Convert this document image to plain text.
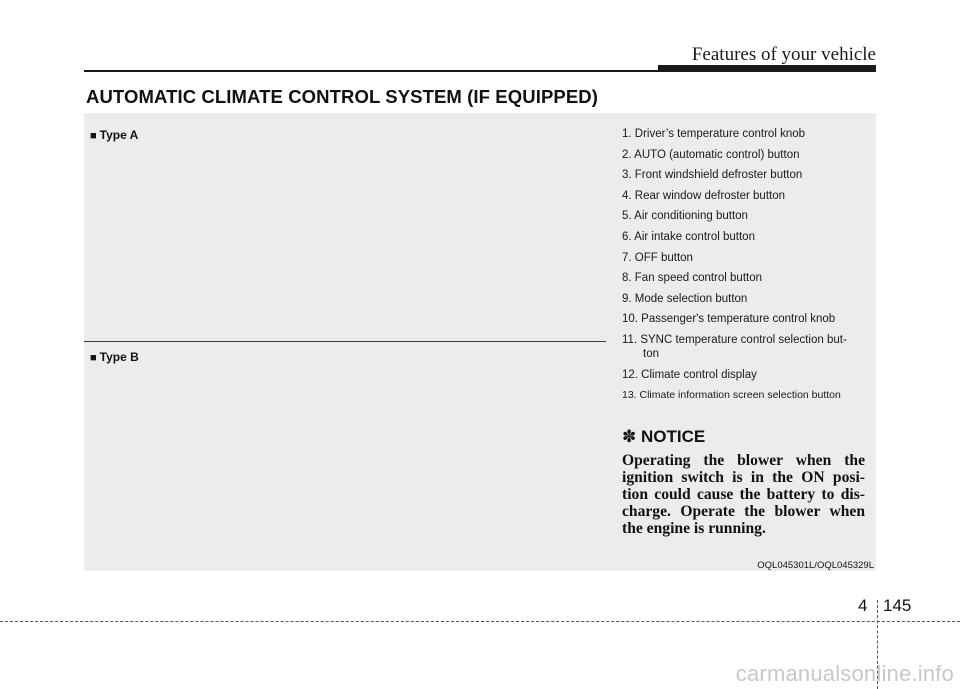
Features of your vehicle
AUTOMATIC CLIMATE CONTROL SYSTEM (IF EQUIPPED)
■ Type A
■ Type B
1. Driver’s temperature control knob
2. AUTO (automatic control) button
3. Front windshield defroster button
4. Rear window defroster button
5. Air conditioning button
6. Air intake control button
7. OFF button
8. Fan speed control button
9. Mode selection button
10. Passenger's temperature control knob
11. SYNC temperature control selection but-
ton
12. Climate control display
13. Climate information screen selection button
✽ NOTICE

Operating the blower when the ignition switch is in the ON posi- tion could cause the battery to dis- charge. Operate the blower when the engine is running.

OQL045301L/OQL045329L
4 145
carmanualsonline.info
